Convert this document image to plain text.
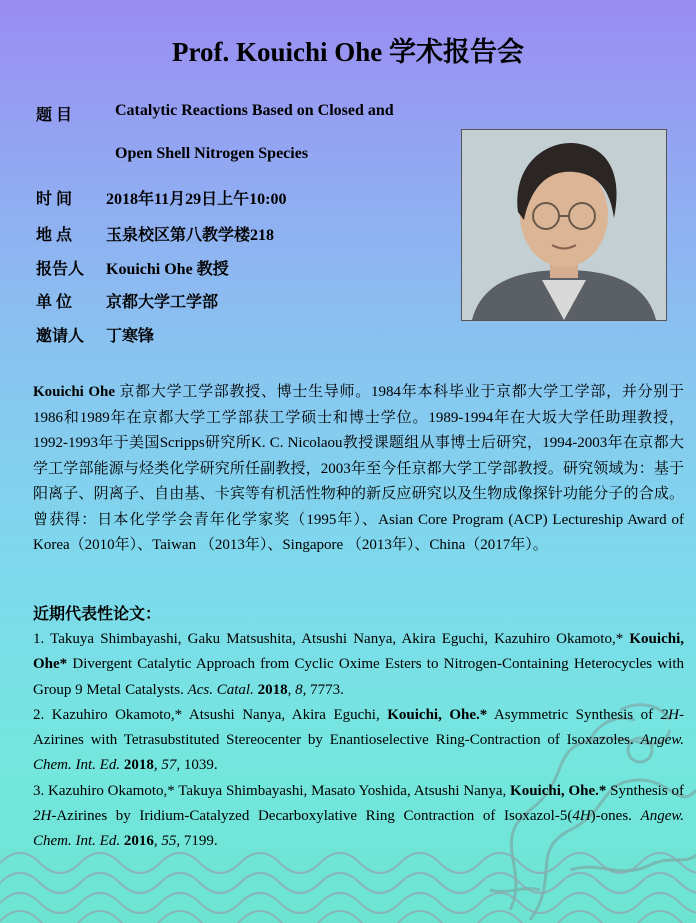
Prof. Kouichi Ohe 学术报告会
题 目	Catalytic Reactions Based on Closed and
Open Shell Nitrogen Species
时 间 2018年11月29日上午10:00
地 点 玉泉校区第八教学楼218
报告人 Kouichi Ohe 教授
单 位 京都大学工学部
邀请人 丁寒锋
Kouichi Ohe 京都大学工学部教授、博士生导师。1984年本科毕业于京都大学工学部，并分别于1986和1989年在京都大学工学部获工学硕士和博士学位。1989-1994年在大坂大学任助理教授，1992-1993年于美国Scripps研究所K. C. Nicolaou教授课题组从事博士后研究，1994-2003年在京都大学工学部能源与烃类化学研究所任副教授，2003年至今任京都大学工学部教授。研究领域为：基于阳离子、阴离子、自由基、卡宾等有机活性物种的新反应研究以及生物成像探针功能分子的合成。曾获得：日本化学学会青年化学家奖（1995年）、Asian Core Program (ACP) Lectureship Award of Korea（2010年）、Taiwan （2013年）、Singapore （2013年）、China（2017年）。
近期代表性论文：

1. Takuya Shimbayashi, Gaku Matsushita, Atsushi Nanya, Akira Eguchi, Kazuhiro Okamoto,* Kouichi, Ohe* Divergent Catalytic Approach from Cyclic Oxime Esters to Nitrogen-Containing Heterocycles with Group 9 Metal Catalysts. Acs. Catal. 2018, 8, 7773.

2. Kazuhiro Okamoto,* Atsushi Nanya, Akira Eguchi, Kouichi, Ohe.* Asymmetric Synthesis of 2H-Azirines with Tetrasubstituted Stereocenter by Enantioselective Ring-Contraction of Isoxazoles. Angew. Chem. Int. Ed. 2018, 57, 1039.

3. Kazuhiro Okamoto,* Takuya Shimbayashi, Masato Yoshida, Atsushi Nanya, Kouichi, Ohe.* Synthesis of 2H-Azirines by Iridium-Catalyzed Decarboxylative Ring Contraction of Isoxazol-5(4H)-ones. Angew. Chem. Int. Ed. 2016, 55, 7199.
